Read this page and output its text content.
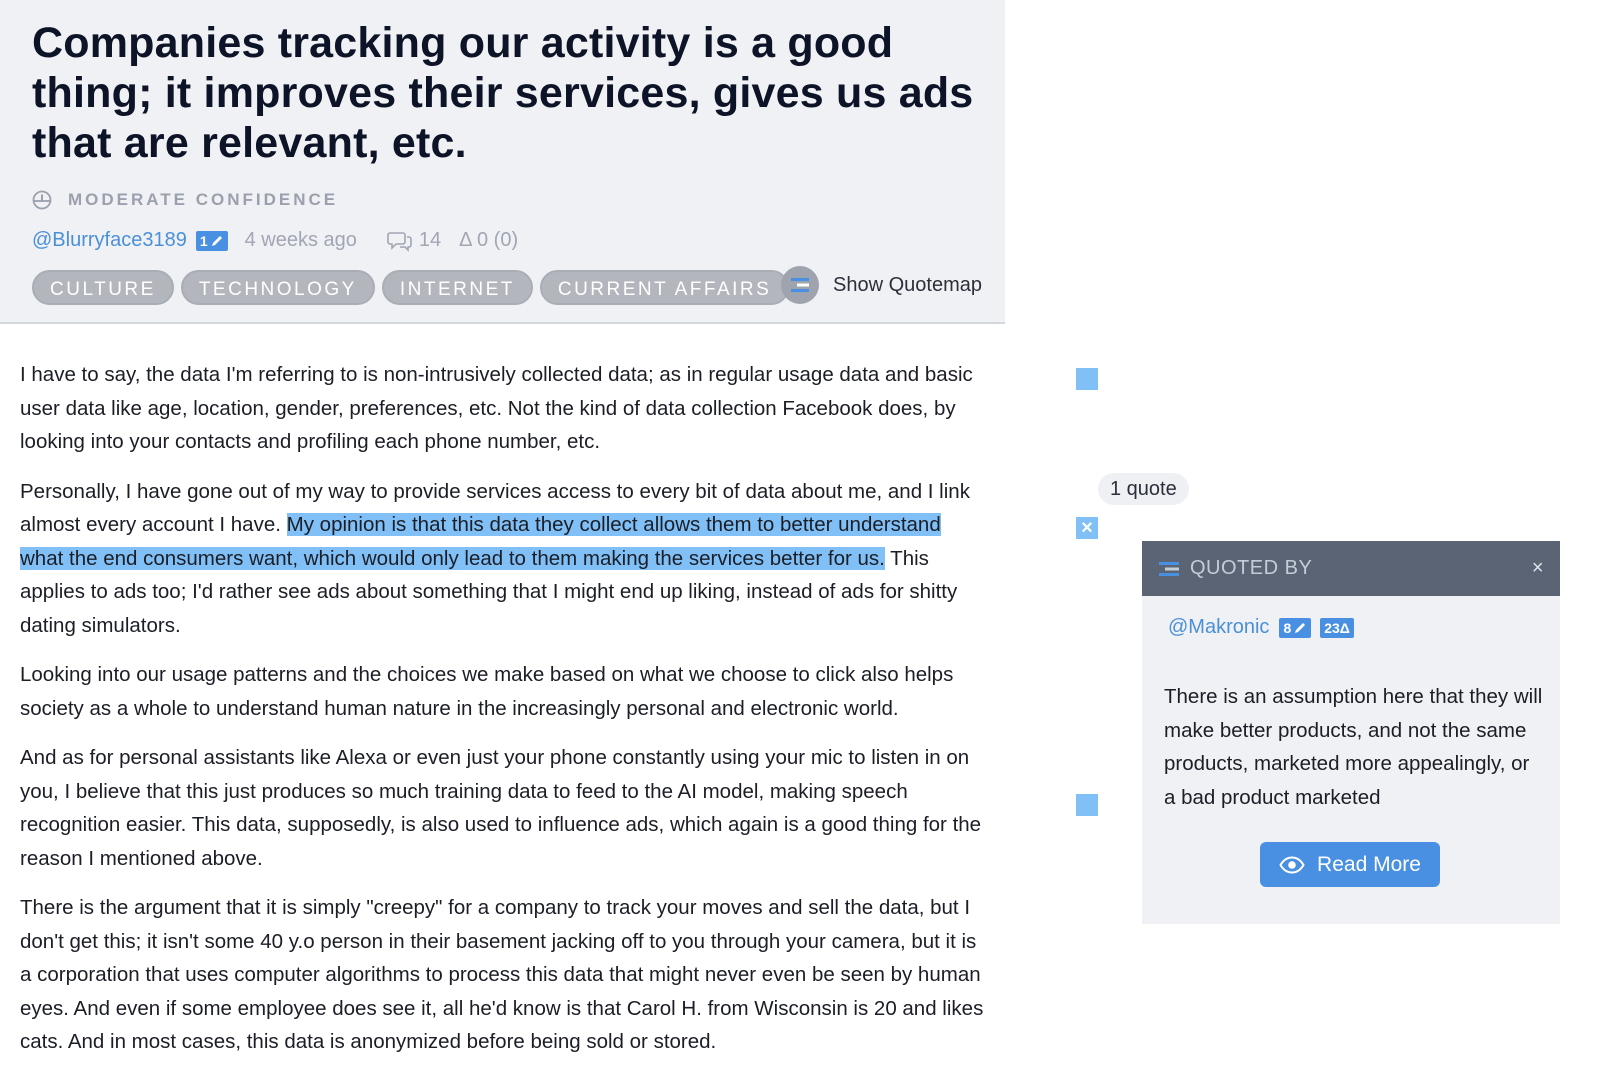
Companies tracking our activity is a good thing; it improves their services, gives us ads that are relevant, etc.
MODERATE CONFIDENCE
@Blurryface3189 1 4 weeks ago	14 Δ 0 (0)
CULTURE	TECHNOLOGY	INTERNET	CURRENT AFFAIRS	Show Quotemap

I have to say, the data I'm referring to is non-intrusively collected data; as in regular usage data and basic user data like age, location, gender, preferences, etc. Not the kind of data collection Facebook does, by looking into your contacts and profiling each phone number, etc.

Personally, I have gone out of my way to provide services access to every bit of data about me, and I link almost every account I have. My opinion is that this data they collect allows them to better understand what the end consumers want, which would only lead to them making the services better for us. This applies to ads too; I'd rather see ads about something that I might end up liking, instead of ads for shitty dating simulators.

Looking into our usage patterns and the choices we make based on what we choose to click also helps society as a whole to understand human nature in the increasingly personal and electronic world.

And as for personal assistants like Alexa or even just your phone constantly using your mic to listen in on you, I believe that this just produces so much training data to feed to the AI model, making speech recognition easier. This data, supposedly, is also used to influence ads, which again is a good thing for the reason I mentioned above.

There is the argument that it is simply "creepy" for a company to track your moves and sell the data, but I don't get this; it isn't some 40 y.o person in their basement jacking off to you through your camera, but it is a corporation that uses computer algorithms to process this data that might never even be seen by human eyes. And even if some employee does see it, all he'd know is that Carol H. from Wisconsin is 20 and likes cats. And in most cases, this data is anonymized before being sold or stored.

1 quote
×
QUOTED BY	×
@Makronic 8 23Δ
There is an assumption here that they will make better products, and not the same products, marketed more appealingly, or a bad product marketed
Read More
